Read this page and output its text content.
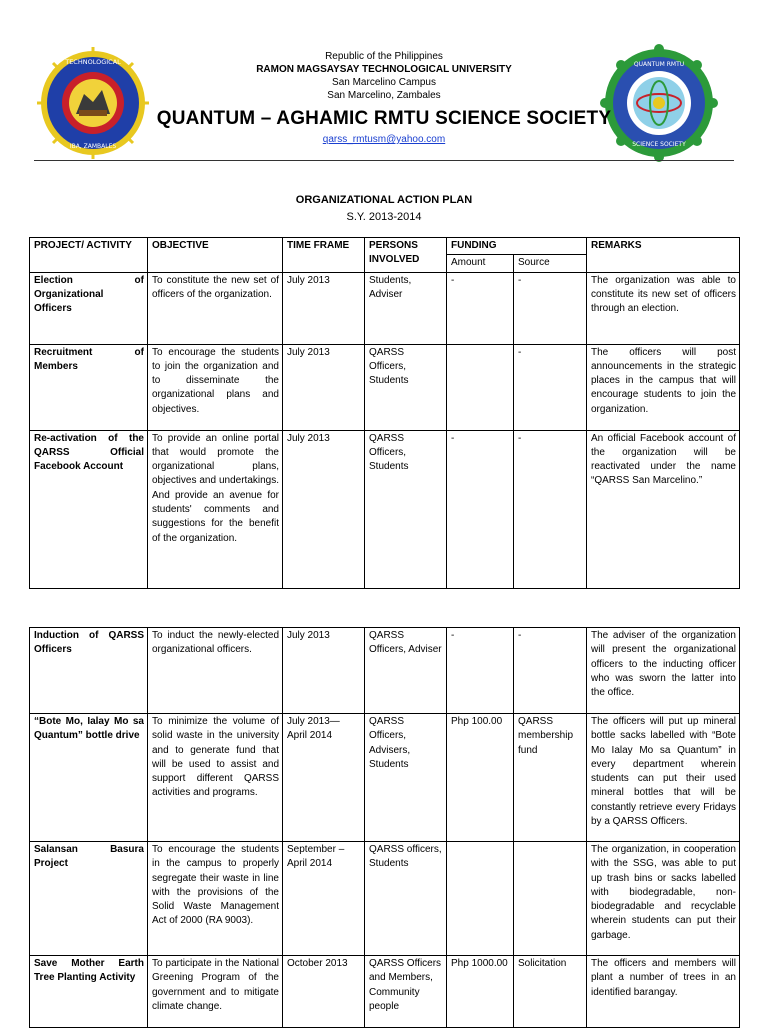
TECHNOLOGICAL
IBA, ZAMBALES
QUANTUM RMTU
SCIENCE SOCIETY
Republic of the Philippines
RAMON MAGSAYSAY TECHNOLOGICAL UNIVERSITY
San Marcelino Campus
San Marcelino, Zambales
QUANTUM – AGHAMIC RMTU SCIENCE SOCIETY
qarss_rmtusm@yahoo.com
ORGANIZATIONAL ACTION PLAN
S.Y. 2013-2014
PROJECT/ ACTIVITY	OBJECTIVE	TIME FRAME	PERSONS INVOLVED	FUNDING		REMARKS
				Amount	Source	
Election of Organizational Officers	To constitute the new set of officers of the organization.	July 2013	Students, Adviser	-	-	The organization was able to constitute its new set of officers through an election.
Recruitment of Members	To encourage the students to join the organization and to disseminate the organizational plans and objectives.	July 2013	QARSS Officers, Students		-	The officers will post announcements in the strategic places in the campus that will encourage students to join the organization.
Re-activation of the QARSS Official Facebook Account	To provide an online portal that would promote the organizational plans, objectives and undertakings. And provide an avenue for students' comments and suggestions for the benefit of the organization.	July 2013	QARSS Officers, Students	-	-	An official Facebook account of the organization will be reactivated under the name “QARSS San Marcelino.”
Induction of QARSS Officers	To induct the newly-elected organizational officers.	July 2013	QARSS Officers, Adviser	-	-	The adviser of the organization will present the organizational officers to the inducting officer who was sworn the latter into the office.
“Bote Mo, Ialay Mo sa Quantum” bottle drive	To minimize the volume of solid waste in the university and to generate fund that will be used to assist and support different QARSS activities and programs.	July 2013— April 2014	QARSS Officers, Advisers, Students	Php 100.00	QARSS membership fund	The officers will put up mineral bottle sacks labelled with “Bote Mo Ialay Mo sa Quantum” in every department wherein students can put their used mineral bottles that will be constantly retrieve every Fridays by a QARSS Officers.
Salansan Basura Project	To encourage the students in the campus to properly segregate their waste in line with the provisions of the Solid Waste Management Act of 2000 (RA 9003).	September – April 2014	QARSS officers, Students			The organization, in cooperation with the SSG, was able to put up trash bins or sacks labelled with biodegradable, non-biodegradable and recyclable wherein students can put their garbage.
Save Mother Earth Tree Planting Activity	To participate in the National Greening Program of the government and to mitigate climate change.	October 2013	QARSS Officers and Members, Community people	Php 1000.00	Solicitation	The officers and members will plant a number of trees in an identified barangay.
